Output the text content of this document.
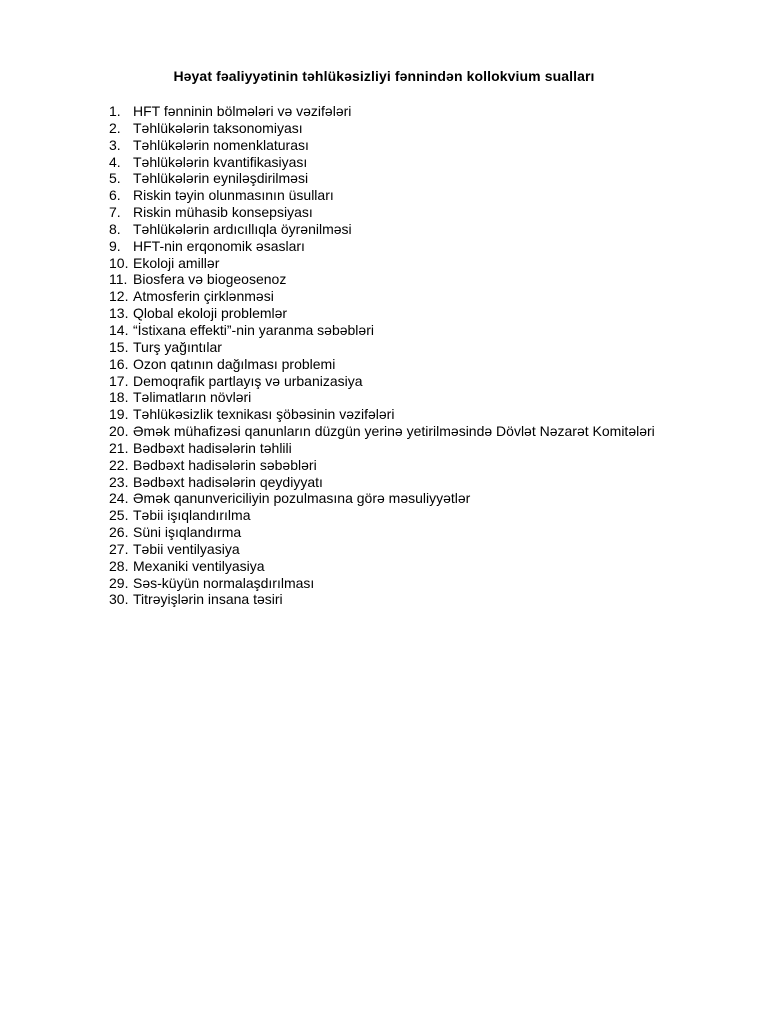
Həyat fəaliyyətinin təhlükəsizliyi fənnindən kollokvium sualları
1. HFT fənninin bölmələri və vəzifələri
2. Təhlükələrin taksonomiyası
3. Təhlükələrin nomenklaturası
4. Təhlükələrin kvantifikasiyası
5. Təhlükələrin eyniləşdirilməsi
6. Riskin təyin olunmasının üsulları
7. Riskin mühasib konsepsiyası
8. Təhlükələrin ardıcıllıqla öyrənilməsi
9. HFT-nin erqonomik əsasları
10. Ekoloji amillər
11. Biosfera və biogeosenoz
12. Atmosferin çirklənməsi
13. Qlobal ekoloji problemlər
14. “İstixana effekti”-nin yaranma səbəbləri
15. Turş yağıntılar
16. Ozon qatının dağılması problemi
17. Demoqrafik partlayış və urbanizasiya
18. Təlimatların növləri
19. Təhlükəsizlik texnikası şöbəsinin vəzifələri
20. Əmək mühafizəsi qanunların düzgün yerinə yetirilməsində Dövlət Nəzarət Komitələri
21. Bədbəxt hadisələrin təhlili
22. Bədbəxt hadisələrin səbəbləri
23. Bədbəxt hadisələrin qeydiyyatı
24. Əmək qanunvericiliyin pozulmasına görə məsuliyyətlər
25. Təbii işıqlandırılma
26. Süni işıqlandırma
27. Təbii ventilyasiya
28. Mexaniki ventilyasiya
29. Səs-küyün normalaşdırılması
30. Titrəyişlərin insana təsiri
